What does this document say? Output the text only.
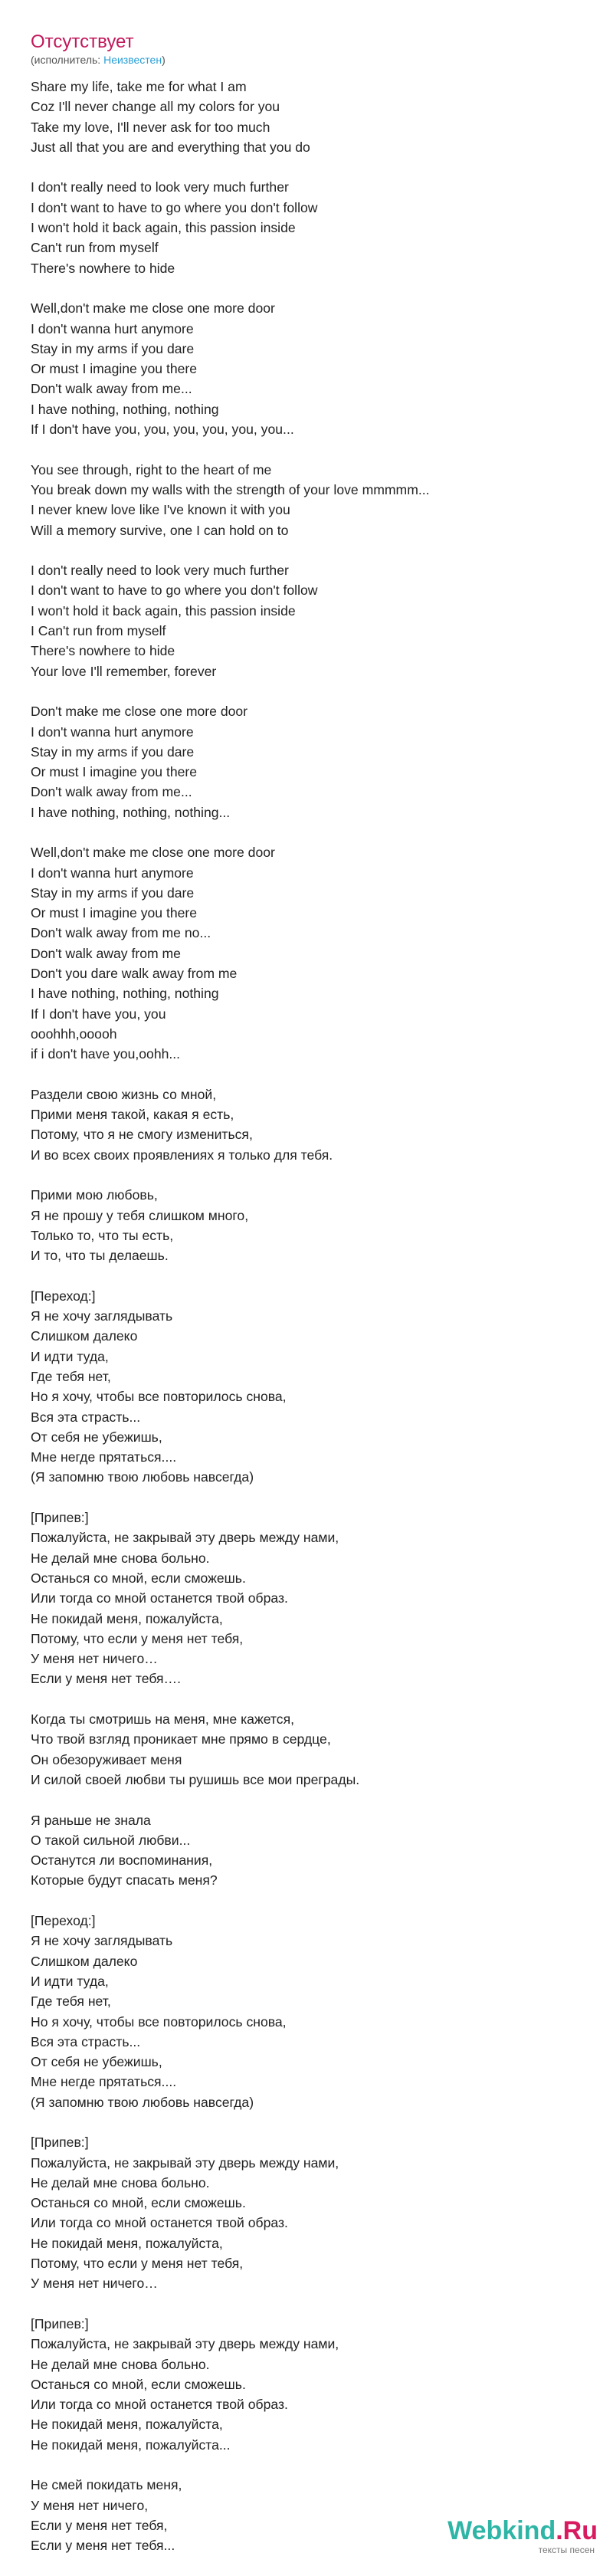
Отсутствует
(исполнитель: Неизвестен)
Share my life, take me for what I am
Coz I'll never change all my colors for you
Take my love, I'll never ask for too much
Just all that you are and everything that you do
I don't really need to look very much further
I don't want to have to go where you don't follow
I won't hold it back again, this passion inside
Can't run from myself
There's nowhere to hide
Well,don't make me close one more door
I don't wanna hurt anymore
Stay in my arms if you dare
Or must I imagine you there
Don't walk away from me...
I have nothing, nothing, nothing
If I don't have you, you, you, you, you, you...
You see through, right to the heart of me
You break down my walls with the strength of your love mmmmm...
I never knew love like I've known it with you
Will a memory survive, one I can hold on to
I don't really need to look very much further
I don't want to have to go where you don't follow
I won't hold it back again, this passion inside
I Can't run from myself
There's nowhere to hide
Your love I'll remember, forever
Don't make me close one more door
I don't wanna hurt anymore
Stay in my arms if you dare
Or must I imagine you there
Don't walk away from me...
I have nothing, nothing, nothing...
Well,don't make me close one more door
I don't wanna hurt anymore
Stay in my arms if you dare
Or must I imagine you there
Don't walk away from me no...
Don't walk away from me
Don't you dare walk away from me
I have nothing, nothing, nothing
If I don't have you, you
ooohhh,ooooh
if i don't have you,oohh...
Раздели свою жизнь со мной,
Прими меня такой, какая я есть,
Потому, что я не смогу измениться,
И во всех своих проявлениях я только для тебя.
Прими мою любовь,
Я не прошу у тебя слишком много,
Только то, что ты есть,
И то, что ты делаешь.
[Переход:]
Я не хочу заглядывать
Слишком далеко
И идти туда,
Где тебя нет,
Но я хочу, чтобы все повторилось снова,
Вся эта страсть...
От себя не убежишь,
Мне негде прятаться....
(Я запомню твою любовь навсегда)
[Припев:]
Пожалуйста, не закрывай эту дверь между нами,
Не делай мне снова больно.
Останься со мной, если сможешь.
Или тогда со мной останется твой образ.
Не покидай меня, пожалуйста,
Потому, что если у меня нет тебя,
У меня нет ничего…
Если у меня нет тебя….
Когда ты смотришь на меня, мне кажется,
Что твой взгляд проникает мне прямо в сердце,
Он обезоруживает меня
И силой своей любви ты рушишь все мои преграды.
Я раньше не знала
О такой сильной любви...
Останутся ли воспоминания,
Которые будут спасать меня?
[Переход:]
Я не хочу заглядывать
Слишком далеко
И идти туда,
Где тебя нет,
Но я хочу, чтобы все повторилось снова,
Вся эта страсть...
От себя не убежишь,
Мне негде прятаться....
(Я запомню твою любовь навсегда)
[Припев:]
Пожалуйста, не закрывай эту дверь между нами,
Не делай мне снова больно.
Останься со мной, если сможешь.
Или тогда со мной останется твой образ.
Не покидай меня, пожалуйста,
Потому, что если у меня нет тебя,
У меня нет ничего…
[Припев:]
Пожалуйста, не закрывай эту дверь между нами,
Не делай мне снова больно.
Останься со мной, если сможешь.
Или тогда со мной останется твой образ.
Не покидай меня, пожалуйста,
Не покидай меня, пожалуйста...
Не смей покидать меня,
У меня нет ничего,
Если у меня нет тебя,
Если у меня нет тебя...
Webkind.Ru
тексты песен
